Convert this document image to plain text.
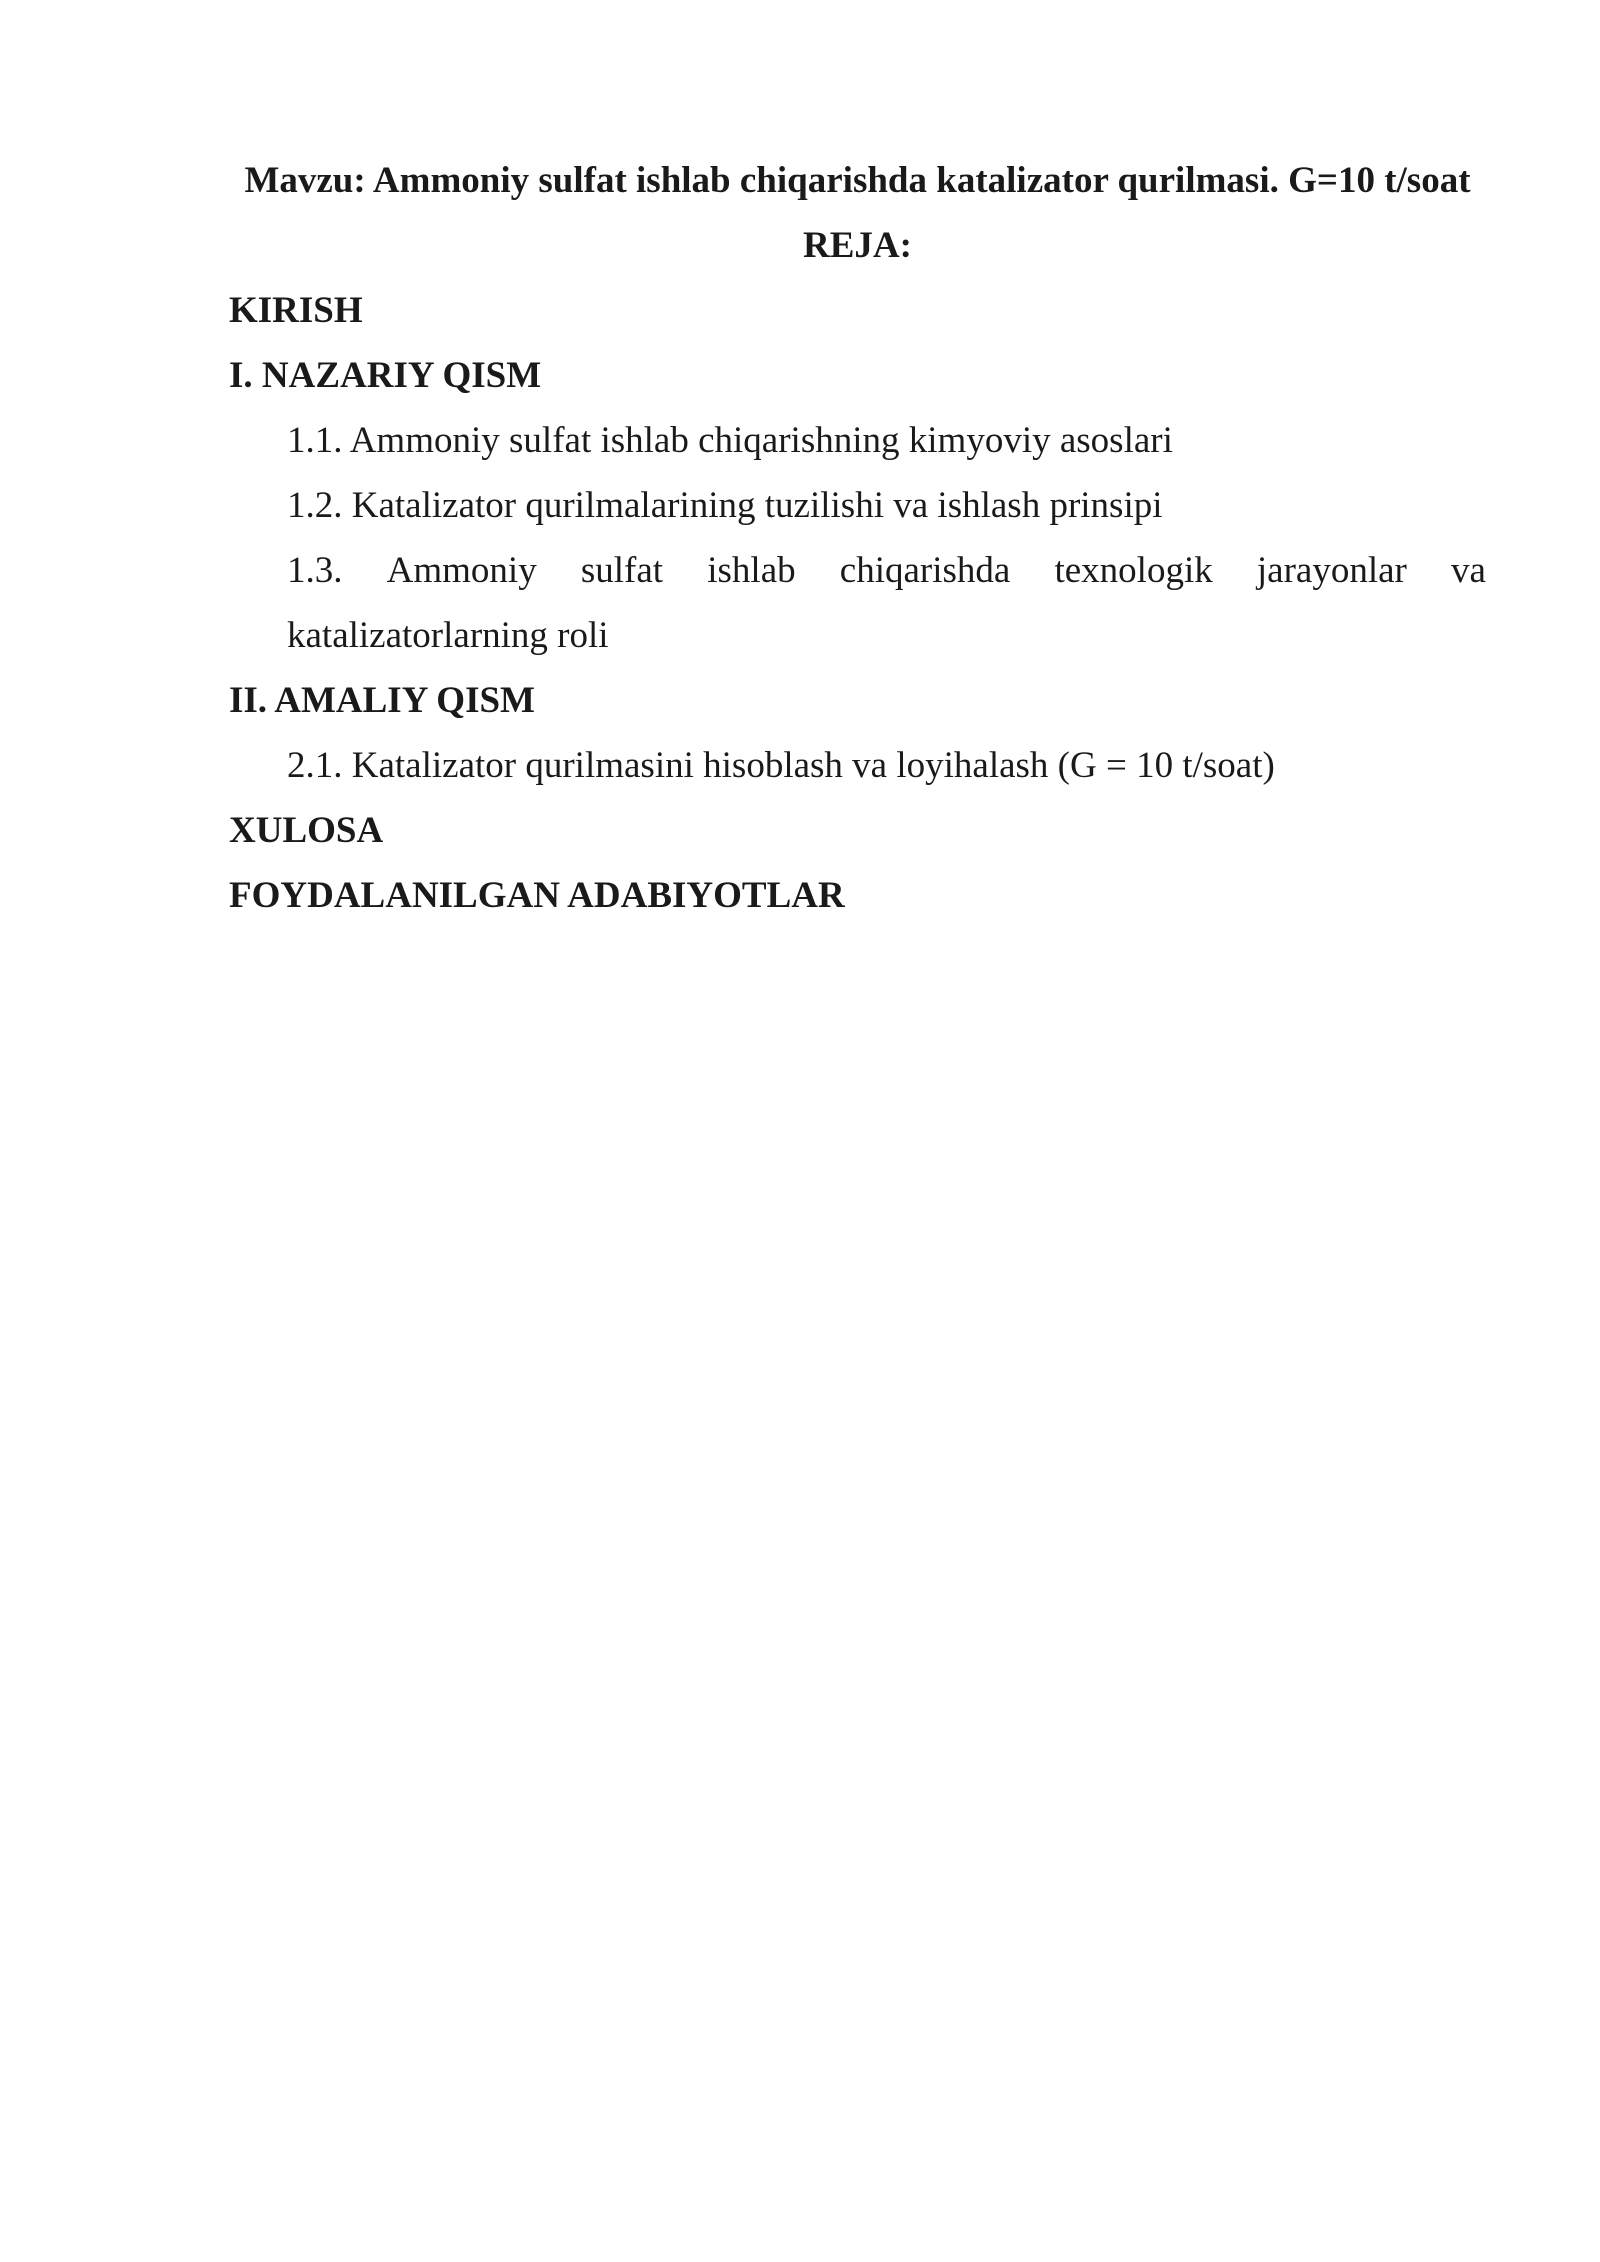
Mavzu: Ammoniy sulfat ishlab chiqarishda katalizator qurilmasi. G=10 t/soat
REJA:
KIRISH
I. NAZARIY QISM
1.1. Ammoniy sulfat ishlab chiqarishning kimyoviy asoslari
1.2. Katalizator qurilmalarining tuzilishi va ishlash prinsipi
1.3. Ammoniy sulfat ishlab chiqarishda texnologik jarayonlar va
katalizatorlarning roli
II. AMALIY QISM
2.1. Katalizator qurilmasini hisoblash va loyihalash (G = 10 t/soat)
XULOSA
FOYDALANILGAN ADABIYOTLAR
